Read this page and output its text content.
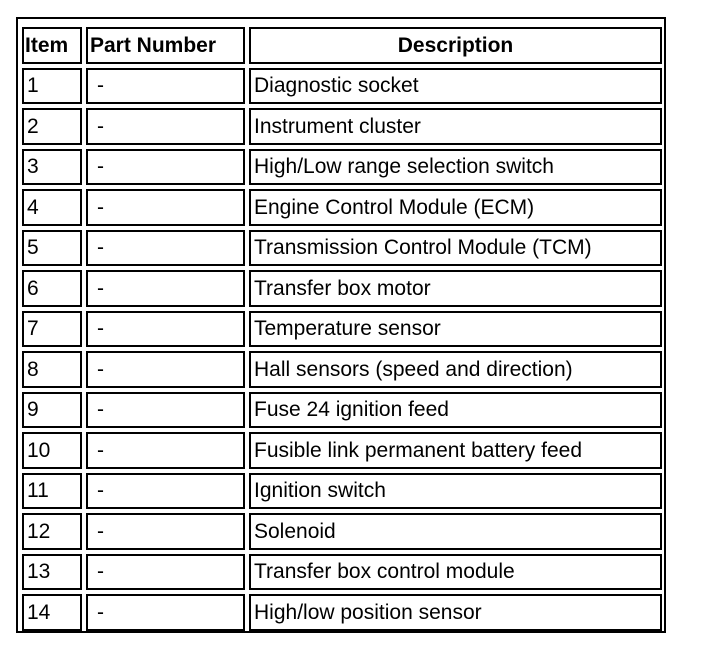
Item	Part Number	Description
1	-	Diagnostic socket
2	-	Instrument cluster
3	-	High/Low range selection switch
4	-	Engine Control Module (ECM)
5	-	Transmission Control Module (TCM)
6	-	Transfer box motor
7	-	Temperature sensor
8	-	Hall sensors (speed and direction)
9	-	Fuse 24 ignition feed
10	-	Fusible link permanent battery feed
11	-	Ignition switch
12	-	Solenoid
13	-	Transfer box control module
14	-	High/low position sensor
